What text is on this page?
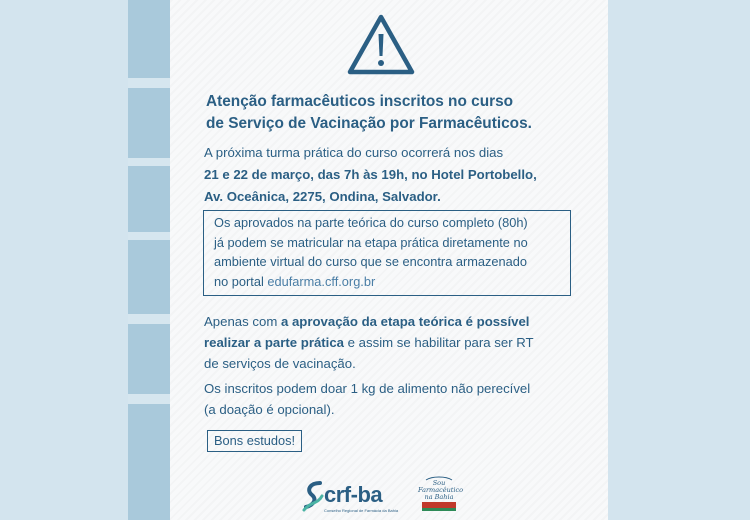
Atenção farmacêuticos inscritos no curso
de Serviço de Vacinação por Farmacêuticos.
A próxima turma prática do curso ocorrerá nos dias
21 e 22 de março, das 7h às 19h, no Hotel Portobello,
Av. Oceânica, 2275, Ondina, Salvador.
Os aprovados na parte teórica do curso completo (80h)
já podem se matricular na etapa prática diretamente no
ambiente virtual do curso que se encontra armazenado
no portal edufarma.cff.org.br
Apenas com a aprovação da etapa teórica é possível
realizar a parte prática e assim se habilitar para ser RT
de serviços de vacinação.
Os inscritos podem doar 1 kg de alimento não perecível
(a doação é opcional).
Bons estudos!
crf-ba
Conselho Regional de Farmácia da Bahia
Sou
Farmacêutico
na Bahia
